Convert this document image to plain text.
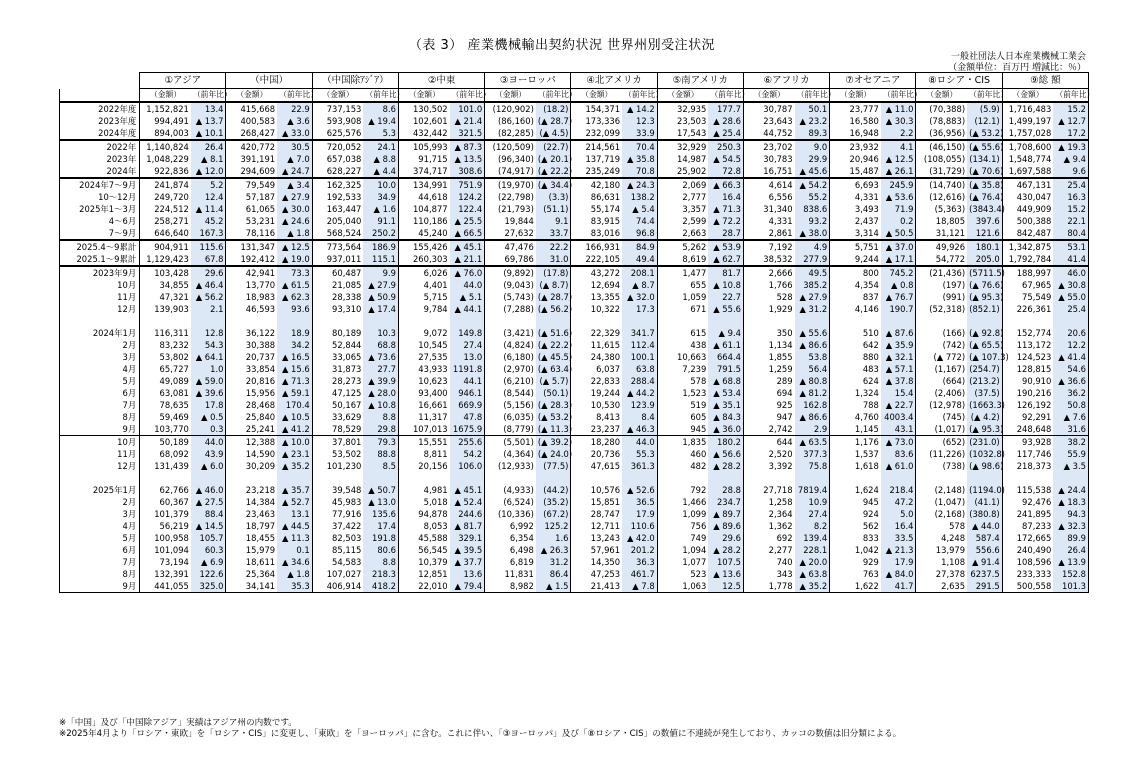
（表 3） 産業機械輸出契約状況 世界州別受注状況
一般社団法人日本産業機械工業会
（金額単位：百万円 増減比：％）
	①アジア		（中国）		（中国除ｱｼﾞｱ）		②中東		③ヨーロッパ		④北アメリカ		⑤南アメリカ		⑥アフリカ		⑦オセアニア		⑧ロシア・CIS		⑨総 額	
	（金額）	（前年比）	（金額）	（前年比）	（金額）	（前年比）	（金額）	（前年比）	（金額）	（前年比）	（金額）	（前年比）	（金額）	（前年比）	（金額）	（前年比）	（金額）	（前年比）	（金額）	（前年比）	（金額）	（前年比）
2022年度	1,152,821	13.4	415,668	22.9	737,153	8.6	130,502	101.0	(120,902)	(18.2)	154,371	▲ 14.2	32,935	177.7	30,787	50.1	23,777	▲ 11.0	(70,388)	(5.9)	1,716,483	15.2
2023年度	994,491	▲ 13.7	400,583	▲ 3.6	593,908	▲ 19.4	102,601	▲ 21.4	(86,160)	(▲ 28.7)	173,336	12.3	23,503	▲ 28.6	23,643	▲ 23.2	16,580	▲ 30.3	(78,883)	(12.1)	1,499,197	▲ 12.7
2024年度	894,003	▲ 10.1	268,427	▲ 33.0	625,576	5.3	432,442	321.5	(82,285)	(▲ 4.5)	232,099	33.9	17,543	▲ 25.4	44,752	89.3	16,948	2.2	(36,956)	(▲ 53.2)	1,757,028	17.2
2022年	1,140,824	26.4	420,772	30.5	720,052	24.1	105,993	▲ 87.3	(120,509)	(22.7)	214,561	70.4	32,929	250.3	23,702	9.0	23,932	4.1	(46,150)	(▲ 55.6)	1,708,600	▲ 19.3
2023年	1,048,229	▲ 8.1	391,191	▲ 7.0	657,038	▲ 8.8	91,715	▲ 13.5	(96,340)	(▲ 20.1)	137,719	▲ 35.8	14,987	▲ 54.5	30,783	29.9	20,946	▲ 12.5	(108,055)	(134.1)	1,548,774	▲ 9.4
2024年	922,836	▲ 12.0	294,609	▲ 24.7	628,227	▲ 4.4	374,717	308.6	(74,917)	(▲ 22.2)	235,249	70.8	25,902	72.8	16,751	▲ 45.6	15,487	▲ 26.1	(31,729)	(▲ 70.6)	1,697,588	9.6
2024年7～9月	241,874	5.2	79,549	▲ 3.4	162,325	10.0	134,991	751.9	(19,970)	(▲ 34.4)	42,180	▲ 24.3	2,069	▲ 66.3	4,614	▲ 54.2	6,693	245.9	(14,740)	(▲ 35.8)	467,131	25.4
10～12月	249,720	12.4	57,187	▲ 27.9	192,533	34.9	44,618	124.2	(22,798)	(3.3)	86,631	138.2	2,777	16.4	6,556	55.2	4,331	▲ 53.6	(12,616)	(▲ 76.4)	430,047	16.3
2025年1～3月	224,512	▲ 11.4	61,065	▲ 30.0	163,447	▲ 1.6	104,877	122.4	(21,793)	(51.1)	55,174	▲ 5.4	3,357	▲ 71.3	31,340	838.6	3,493	71.9	(5,363)	(3843.4)	449,909	15.2
4～6月	258,271	45.2	53,231	▲ 24.6	205,040	91.1	110,186	▲ 25.5	19,844	9.1	83,915	74.4	2,599	▲ 72.2	4,331	93.2	2,437	0.2	18,805	397.6	500,388	22.1
7～9月	646,640	167.3	78,116	▲ 1.8	568,524	250.2	45,240	▲ 66.5	27,632	33.7	83,016	96.8	2,663	28.7	2,861	▲ 38.0	3,314	▲ 50.5	31,121	121.6	842,487	80.4
2025.4～9累計	904,911	115.6	131,347	▲ 12.5	773,564	186.9	155,426	▲ 45.1	47,476	22.2	166,931	84.9	5,262	▲ 53.9	7,192	4.9	5,751	▲ 37.0	49,926	180.1	1,342,875	53.1
2025.1～9累計	1,129,423	67.8	192,412	▲ 19.0	937,011	115.1	260,303	▲ 21.1	69,786	31.0	222,105	49.4	8,619	▲ 62.7	38,532	277.9	9,244	▲ 17.1	54,772	205.0	1,792,784	41.4
2023年9月	103,428	29.6	42,941	73.3	60,487	9.9	6,026	▲ 76.0	(9,892)	(17.8)	43,272	208.1	1,477	81.7	2,666	49.5	800	745.2	(21,436)	(5711.5)	188,997	46.0
10月	34,855	▲ 46.4	13,770	▲ 61.5	21,085	▲ 27.9	4,401	44.0	(9,043)	(▲ 8.7)	12,694	▲ 8.7	655	▲ 10.8	1,766	385.2	4,354	▲ 0.8	(197)	(▲ 76.6)	67,965	▲ 30.8
11月	47,321	▲ 56.2	18,983	▲ 62.3	28,338	▲ 50.9	5,715	▲ 5.1	(5,743)	(▲ 28.7)	13,355	▲ 32.0	1,059	22.7	528	▲ 27.9	837	▲ 76.7	(991)	(▲ 95.3)	75,549	▲ 55.0
12月	139,903	2.1	46,593	93.6	93,310	▲ 17.4	9,784	▲ 44.1	(7,288)	(▲ 56.2)	10,322	17.3	671	▲ 55.6	1,929	▲ 31.2	4,146	190.7	(52,318)	(852.1)	226,361	25.4

2024年1月	116,311	12.8	36,122	18.9	80,189	10.3	9,072	149.8	(3,421)	(▲ 51.6)	22,329	341.7	615	▲ 9.4	350	▲ 55.6	510	▲ 87.6	(166)	(▲ 92.8)	152,774	20.6
2月	83,232	54.3	30,388	34.2	52,844	68.8	10,545	27.4	(4,824)	(▲ 22.2)	11,615	112.4	438	▲ 61.1	1,134	▲ 86.6	642	▲ 35.9	(742)	(▲ 65.5)	113,172	12.2
3月	53,802	▲ 64.1	20,737	▲ 16.5	33,065	▲ 73.6	27,535	13.0	(6,180)	(▲ 45.5)	24,380	100.1	10,663	664.4	1,855	53.8	880	▲ 32.1	(▲ 772)	(▲ 107.3)	124,523	▲ 41.4
4月	65,727	1.0	33,854	▲ 15.6	31,873	27.7	43,933	1191.8	(2,970)	(▲ 63.4)	6,037	63.8	7,239	791.5	1,259	56.4	483	▲ 57.1	(1,167)	(254.7)	128,815	54.6
5月	49,089	▲ 59.0	20,816	▲ 71.3	28,273	▲ 39.9	10,623	44.1	(6,210)	(▲ 5.7)	22,833	288.4	578	▲ 68.8	289	▲ 80.8	624	▲ 37.8	(664)	(213.2)	90,910	▲ 36.6
6月	63,081	▲ 39.6	15,956	▲ 59.1	47,125	▲ 28.0	93,400	946.1	(8,544)	(50.1)	19,244	▲ 44.2	1,523	▲ 53.4	694	▲ 81.2	1,324	15.4	(2,406)	(37.5)	190,216	36.2
7月	78,635	17.8	28,468	170.4	50,167	▲ 10.8	16,661	669.9	(5,156)	(▲ 28.3)	10,530	123.9	519	▲ 35.1	925	162.8	788	▲ 22.7	(12,978)	(1663.3)	126,192	50.8
8月	59,469	▲ 0.5	25,840	▲ 10.5	33,629	8.8	11,317	47.8	(6,035)	(▲ 53.2)	8,413	8.4	605	▲ 84.3	947	▲ 86.6	4,760	4003.4	(745)	(▲ 4.2)	92,291	▲ 7.6
9月	103,770	0.3	25,241	▲ 41.2	78,529	29.8	107,013	1675.9	(8,779)	(▲ 11.3)	23,237	▲ 46.3	945	▲ 36.0	2,742	2.9	1,145	43.1	(1,017)	(▲ 95.3)	248,648	31.6
10月	50,189	44.0	12,388	▲ 10.0	37,801	79.3	15,551	255.6	(5,501)	(▲ 39.2)	18,280	44.0	1,835	180.2	644	▲ 63.5	1,176	▲ 73.0	(652)	(231.0)	93,928	38.2
11月	68,092	43.9	14,590	▲ 23.1	53,502	88.8	8,811	54.2	(4,364)	(▲ 24.0)	20,736	55.3	460	▲ 56.6	2,520	377.3	1,537	83.6	(11,226)	(1032.8)	117,746	55.9
12月	131,439	▲ 6.0	30,209	▲ 35.2	101,230	8.5	20,156	106.0	(12,933)	(77.5)	47,615	361.3	482	▲ 28.2	3,392	75.8	1,618	▲ 61.0	(738)	(▲ 98.6)	218,373	▲ 3.5

2025年1月	62,766	▲ 46.0	23,218	▲ 35.7	39,548	▲ 50.7	4,981	▲ 45.1	(4,933)	(44.2)	10,576	▲ 52.6	792	28.8	27,718	7819.4	1,624	218.4	(2,148)	(1194.0)	115,538	▲ 24.4
2月	60,367	▲ 27.5	14,384	▲ 52.7	45,983	▲ 13.0	5,018	▲ 52.4	(6,524)	(35.2)	15,851	36.5	1,466	234.7	1,258	10.9	945	47.2	(1,047)	(41.1)	92,476	▲ 18.3
3月	101,379	88.4	23,463	13.1	77,916	135.6	94,878	244.6	(10,336)	(67.2)	28,747	17.9	1,099	▲ 89.7	2,364	27.4	924	5.0	(2,168)	(380.8)	241,895	94.3
4月	56,219	▲ 14.5	18,797	▲ 44.5	37,422	17.4	8,053	▲ 81.7	6,992	125.2	12,711	110.6	756	▲ 89.6	1,362	8.2	562	16.4	578	▲ 44.0	87,233	▲ 32.3
5月	100,958	105.7	18,455	▲ 11.3	82,503	191.8	45,588	329.1	6,354	1.6	13,243	▲ 42.0	749	29.6	692	139.4	833	33.5	4,248	587.4	172,665	89.9
6月	101,094	60.3	15,979	0.1	85,115	80.6	56,545	▲ 39.5	6,498	▲ 26.3	57,961	201.2	1,094	▲ 28.2	2,277	228.1	1,042	▲ 21.3	13,979	556.6	240,490	26.4
7月	73,194	▲ 6.9	18,611	▲ 34.6	54,583	8.8	10,379	▲ 37.7	6,819	31.2	14,350	36.3	1,077	107.5	740	▲ 20.0	929	17.9	1,108	▲ 91.4	108,596	▲ 13.9
8月	132,391	122.6	25,364	▲ 1.8	107,027	218.3	12,851	13.6	11,831	86.4	47,253	461.7	523	▲ 13.6	343	▲ 63.8	763	▲ 84.0	27,378	6237.5	233,333	152.8
9月	441,055	325.0	34,141	35.3	406,914	418.2	22,010	▲ 79.4	8,982	▲ 1.5	21,413	▲ 7.8	1,063	12.5	1,778	▲ 35.2	1,622	41.7	2,635	291.5	500,558	101.3
※「中国」及び「中国除アジア」実績はアジア州の内数です。
※2025年4月より「ロシア・東欧」を「ロシア・CIS」に変更し、「東欧」を「ヨーロッパ」に含む。これに伴い、「③ヨーロッパ」及び「⑧ロシア・CIS」の数値に不連続が発生しており、カッコの数値は旧分類による。
